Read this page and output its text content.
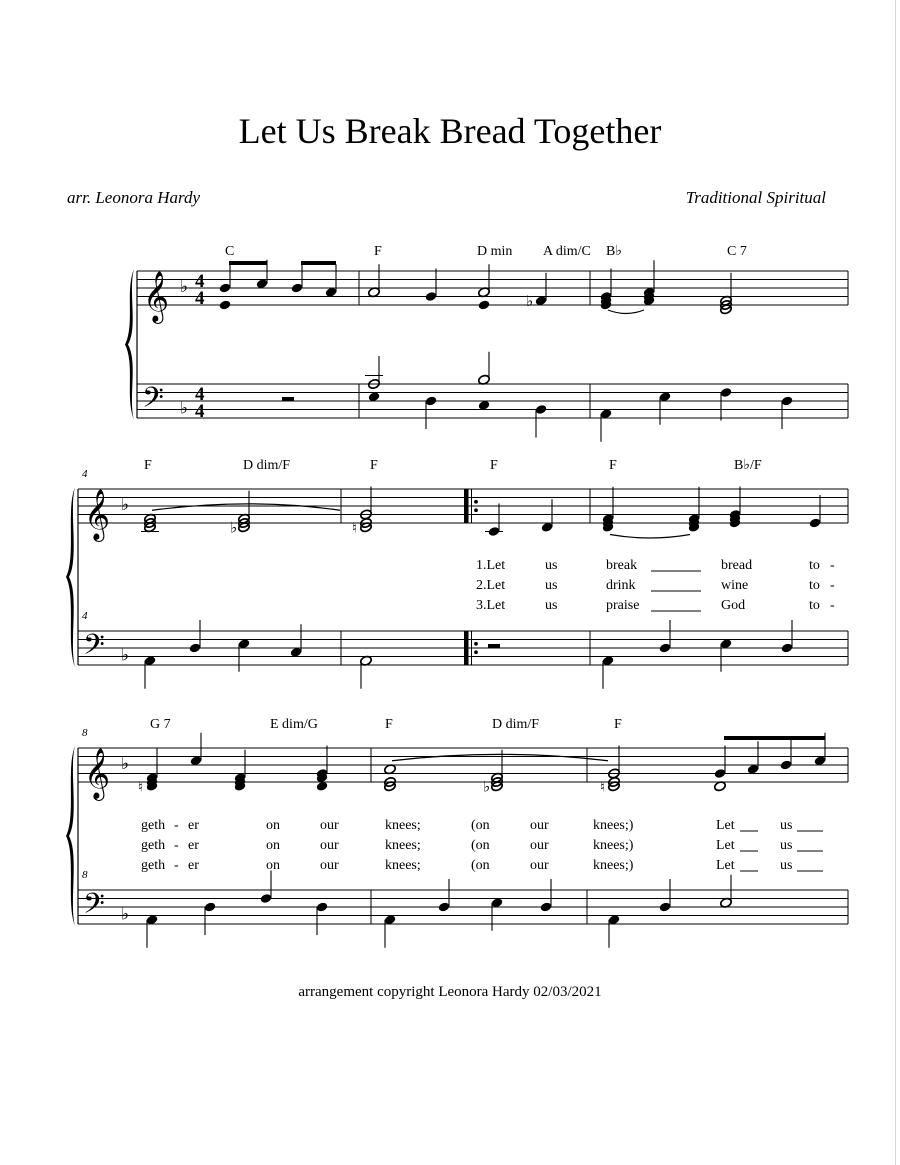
Let Us Break Bread Together
arr. Leonora Hardy	Traditional Spiritual
𝄞
𝄢
♭
♭
4
4
4
4
𝄞
𝄢
♭
♭
𝄞
𝄢
♭
♭
♭
♭	♮
♮	♭	♮
C	F	D min A dim/C B♭	C 7
F	D dim/F	F	F	F	B♭/F
4
4
1.Let	us	break	bread	to -
2.Let	us	drink	wine	to -
3.Let	us	praise	God	to -
G 7	E dim/G	F	D dim/F	F
8
8
geth - er	on	our	knees;	(on	our	knees;)	Let	us
geth - er	on	our	knees;	(on	our	knees;)	Let	us
geth - er	on	our	knees;	(on	our	knees;)	Let	us
arrangement copyright Leonora Hardy 02/03/2021
